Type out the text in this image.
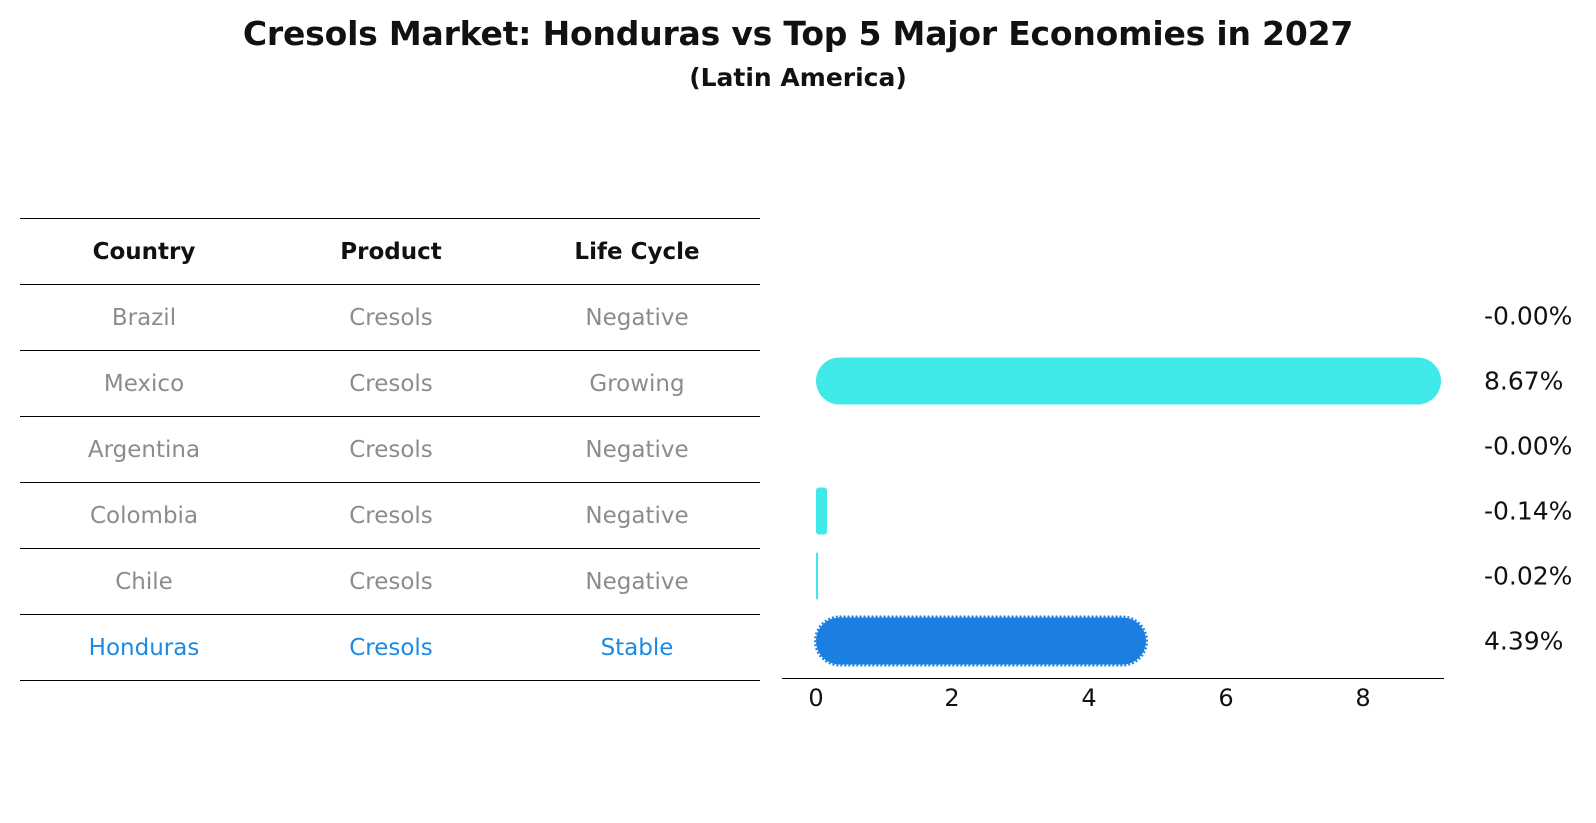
Cresols Market: Honduras vs Top 5 Major Economies in 2027
(Latin America)
Country	Product	Life Cycle
Brazil	Cresols	Negative
Mexico	Cresols	Growing
Argentina	Cresols	Negative
Colombia	Cresols	Negative
Chile	Cresols	Negative
Honduras	Cresols	Stable
-0.00%
8.67%
-0.00%
-0.14%
-0.02%
4.39%
0	2	4	6	8
